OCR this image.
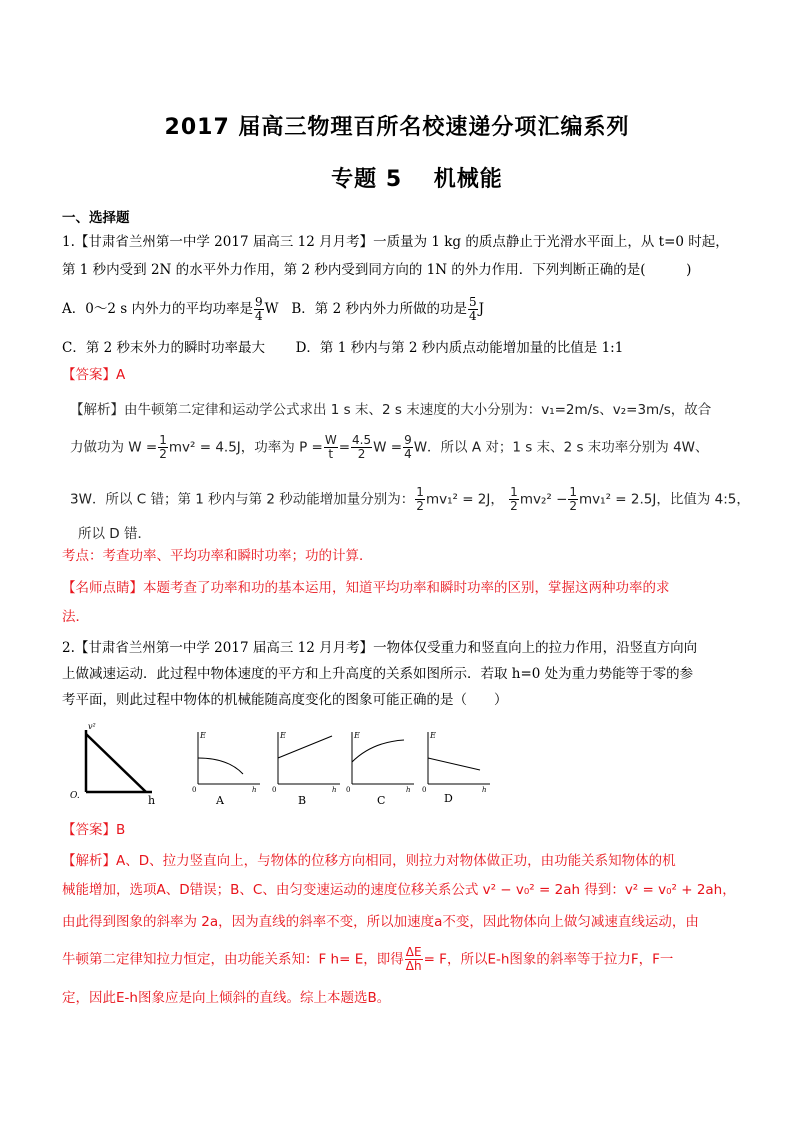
2017 届高三物理百所名校速递分项汇编系列
专题 5　 机械能
一、选择题
1.【甘肃省兰州第一中学 2017 届高三 12 月月考】一质量为 1 kg 的质点静止于光滑水平面上，从 t=0 时起，
第 1 秒内受到 2N 的水平外力作用，第 2 秒内受到同方向的 1N 的外力作用．下列判断正确的是(　　　)
A．0～2 s 内外力的平均功率是 $\frac{9}{4}$ W B．第 2 秒内外力所做的功是 $\frac{5}{4}$ J
C．第 2 秒末外力的瞬时功率最大 D．第 1 秒内与第 2 秒内质点动能增加量的比值是 1:1
【答案】A
【解析】由牛顿第二定律和运动学公式求出 1 s 末、2 s 末速度的大小分别为：v₁=2m/s、v₂=3m/s，故合
力做功为 $W = \frac{1}{2} mv^2 = 4.5J$，功率为 $P = \frac{W}{t} = \frac{4.5}{2}$ $W = \frac{9}{4}$ W．所以 A 对；1 s 末、2 s 末功率分别为 4W、
3W．所以 C 错；第 1 秒内与第 2 秒动能增加量分别为： $\frac{1}{2} mv_1^2 = 2J$， $\frac{1}{2} mv_2^2 - \frac{1}{2} mv_1^2 = 2.5J$，比值为 4:5，
所以 D 错．
考点：考查功率、平均功率和瞬时功率；功的计算．
【名师点睛】本题考查了功率和功的基本运用，知道平均功率和瞬时功率的区别，掌握这两种功率的求
法．
2.【甘肃省兰州第一中学 2017 届高三 12 月月考】一物体仅受重力和竖直向上的拉力作用，沿竖直方向向
上做减速运动．此过程中物体速度的平方和上升高度的关系如图所示．若取 h=0 处为重力势能等于零的参
考平面，则此过程中物体的机械能随高度变化的图象可能正确的是（　　）
v²
O.	h
E
0	h
A
E
0	h
B
E
0	h
C
E
0	h
D
【答案】B
【解析】A、D、拉力竖直向上，与物体的位移方向相同，则拉力对物体做正功，由功能关系知物体的机
械能增加，选项A、D错误；B、C、由匀变速运动的速度位移关系公式 v² − v₀² = 2ah 得到：v² = v₀² + 2ah，
由此得到图象的斜率为 2a，因为直线的斜率不变，所以加速度a不变，因此物体向上做匀减速直线运动，由
牛顿第二定律知拉力恒定，由功能关系知：F h= E，即得 $\frac{\Delta E}{\Delta h} = F$，所以E-h图象的斜率等于拉力F，F一
定，因此E-h图象应是向上倾斜的直线。综上本题选B。
